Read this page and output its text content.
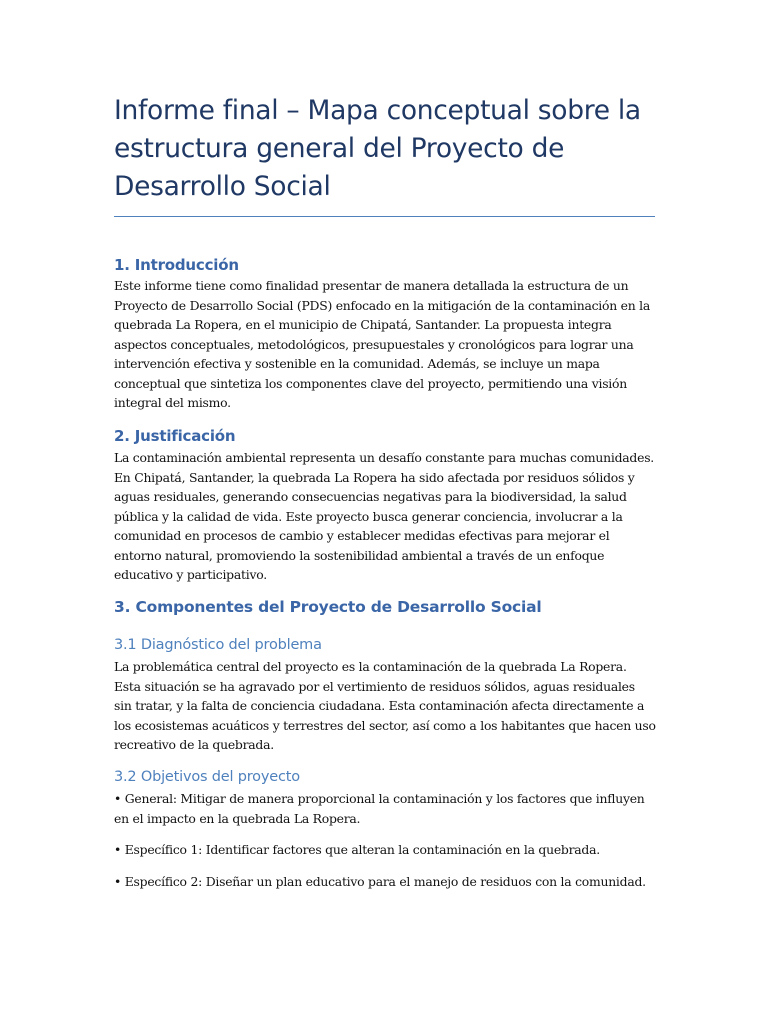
Informe final – Mapa conceptual sobre la estructura general del Proyecto de Desarrollo Social
1. Introducción

Este informe tiene como finalidad presentar de manera detallada la estructura de un Proyecto de Desarrollo Social (PDS) enfocado en la mitigación de la contaminación en la quebrada La Ropera, en el municipio de Chipatá, Santander. La propuesta integra aspectos conceptuales, metodológicos, presupuestales y cronológicos para lograr una intervención efectiva y sostenible en la comunidad. Además, se incluye un mapa conceptual que sintetiza los componentes clave del proyecto, permitiendo una visión integral del mismo.

2. Justificación

La contaminación ambiental representa un desafío constante para muchas comunidades. En Chipatá, Santander, la quebrada La Ropera ha sido afectada por residuos sólidos y aguas residuales, generando consecuencias negativas para la biodiversidad, la salud pública y la calidad de vida. Este proyecto busca generar conciencia, involucrar a la comunidad en procesos de cambio y establecer medidas efectivas para mejorar el entorno natural, promoviendo la sostenibilidad ambiental a través de un enfoque educativo y participativo.

3. Componentes del Proyecto de Desarrollo Social
3.1 Diagnóstico del problema

La problemática central del proyecto es la contaminación de la quebrada La Ropera. Esta situación se ha agravado por el vertimiento de residuos sólidos, aguas residuales sin tratar, y la falta de conciencia ciudadana. Esta contaminación afecta directamente a los ecosistemas acuáticos y terrestres del sector, así como a los habitantes que hacen uso recreativo de la quebrada.

3.2 Objetivos del proyecto

• General: Mitigar de manera proporcional la contaminación y los factores que influyen en el impacto en la quebrada La Ropera.

• Específico 1: Identificar factores que alteran la contaminación en la quebrada.

• Específico 2: Diseñar un plan educativo para el manejo de residuos con la comunidad.
